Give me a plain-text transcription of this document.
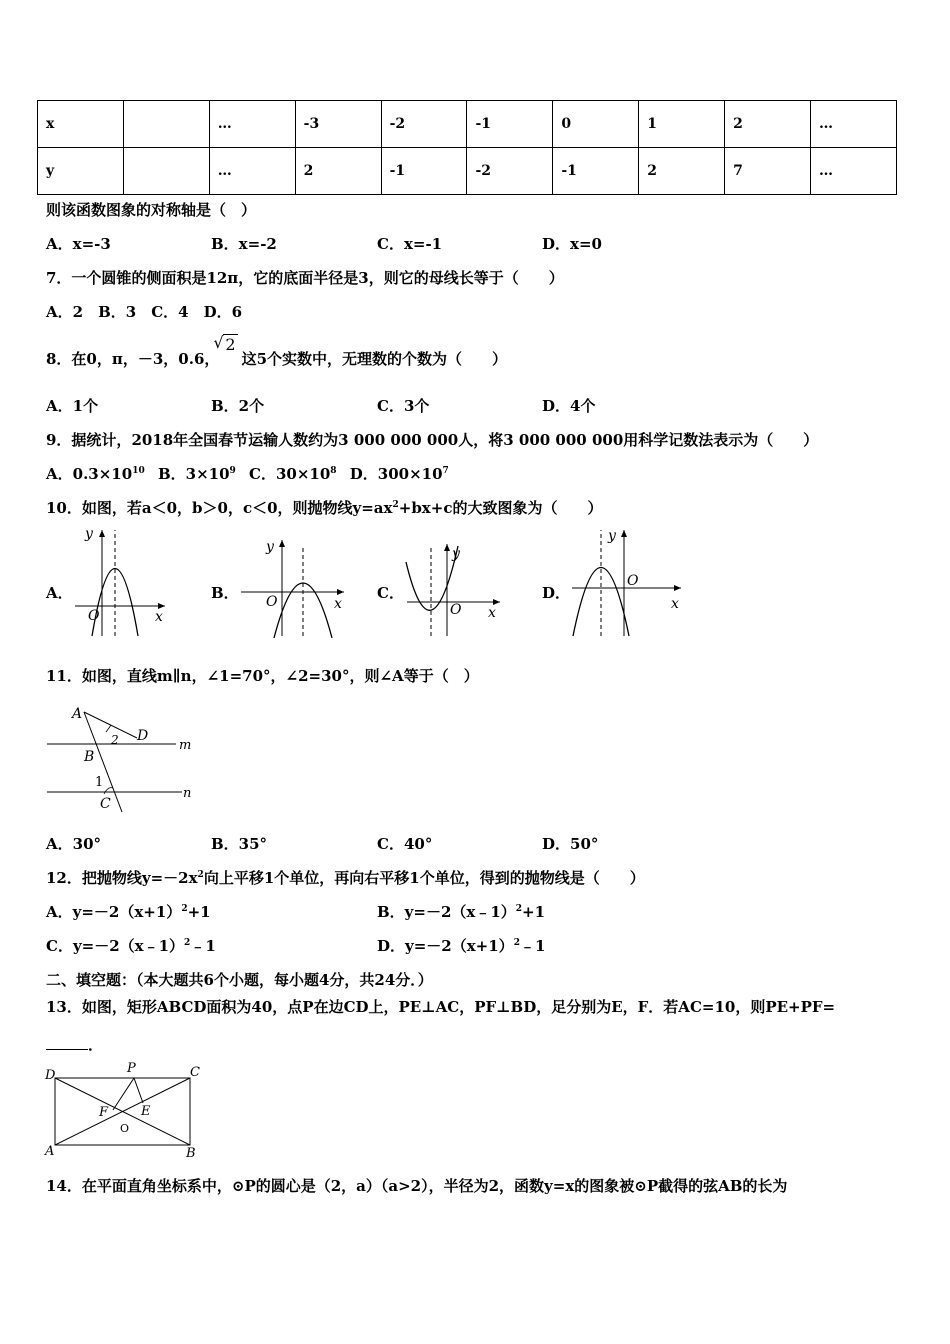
x		…	-3	-2	-1	0	1	2	…
y		…	2	-1	-2	-1	2	7	…
则该函数图象的对称轴是（　）
A．x=-3	B．x=-2	C．x=-1	D．x=0
7．一个圆锥的侧面积是12π，它的底面半径是3，则它的母线长等于（　　）
A．2　B．3　C．4　D．6
8．在0，π，－3，0.6，
√ 2这5个实数中，无理数的个数为（　　）
A．1个	B．2个	C．3个	D．4个
9．据统计，2018年全国春节运输人数约为3 000 000 000人，将3 000 000 000用科学记数法表示为（　　）
A．$0.3\times 10^{10}$ B．$3\times 10^9$ C．$30\times 10^8$ D．$300\times 10^7$
10．如图，若a＜0，b＞0，c＜0，则抛物线$y=ax^2+bx+c$的大致图象为（　　）
A．	B．	C．	D．
y
x
O
y
x
O
y
x
O
y
x
O
11．如图，直线m∥n，∠1=70°，∠2=30°，则∠A等于（　）
A
D
2	m
B
1
n
C
A．30°	B．35°	C．40°	D．50°
12．把抛物线$y=-2x^2$向上平移1个单位，再向右平移1个单位，得到的抛物线是（　　）
A．$y=-2(x+1)^2+1$	B．y=－2（x﹣1）$^2$+1
C．y=－2（x﹣1）$^2$﹣1	D．$y=-2(x+1)^2﹣1$
二、填空题：（本大题共6个小题，每小题4分，共24分．）
13．如图，矩形ABCD面积为40，点P在边CD上，PE⊥AC，PF⊥BD，足分别为E，F．若AC=10，则PE+PF=
．
D	P	C
F	E
O
A	B
14．在平面直角坐标系中，⊙P的圆心是（2，a）（a>2），半径为2，函数y=x的图象被⊙P截得的弦AB的长为
